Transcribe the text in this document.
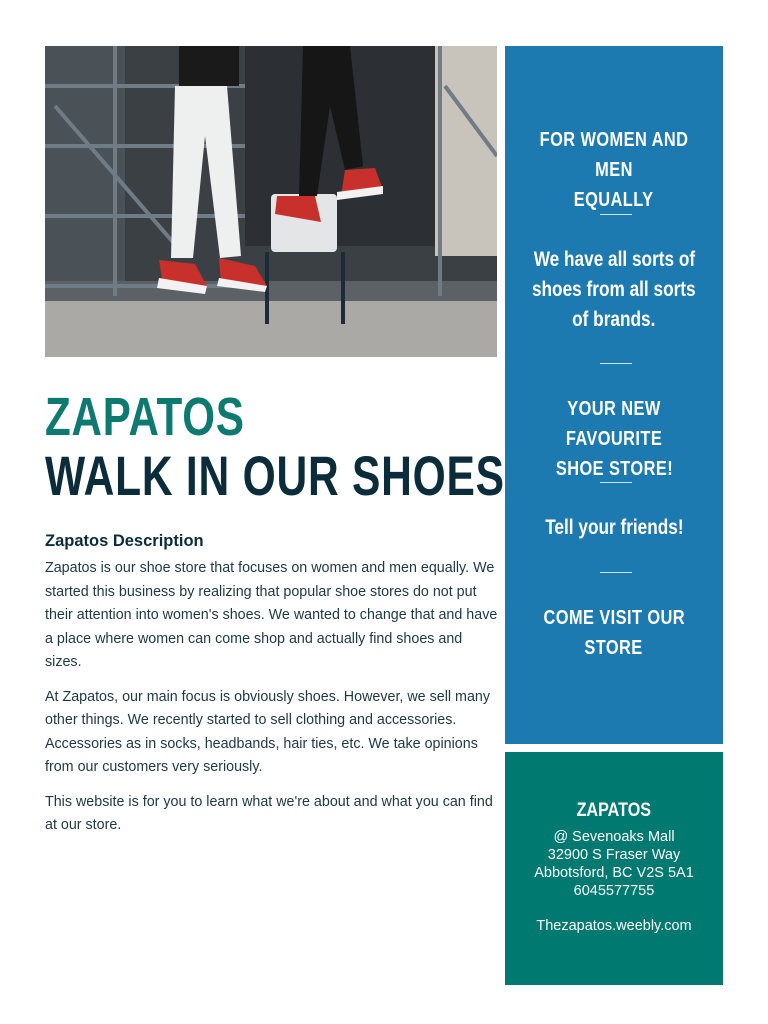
ZAPATOS
WALK IN OUR SHOES
Zapatos Description

Zapatos is our shoe store that focuses on women and men equally. We started this business by realizing that popular shoe stores do not put their attention into women's shoes. We wanted to change that and have a place where women can come shop and actually find shoes and sizes.

At Zapatos, our main focus is obviously shoes. However, we sell many other things. We recently started to sell clothing and accessories. Accessories as in socks, headbands, hair ties, etc. We take opinions from our customers very seriously.

This website is for you to learn what we're about and what you can find at our store.

FOR WOMEN AND MEN
EQUALLY
We have all sorts of
shoes from all sorts
of brands.
YOUR NEW FAVOURITE
SHOE STORE!
Tell your friends!
COME VISIT OUR
STORE
ZAPATOS
@ Sevenoaks Mall
32900 S Fraser Way
Abbotsford, BC V2S 5A1
6045577755
Thezapatos.weebly.com
